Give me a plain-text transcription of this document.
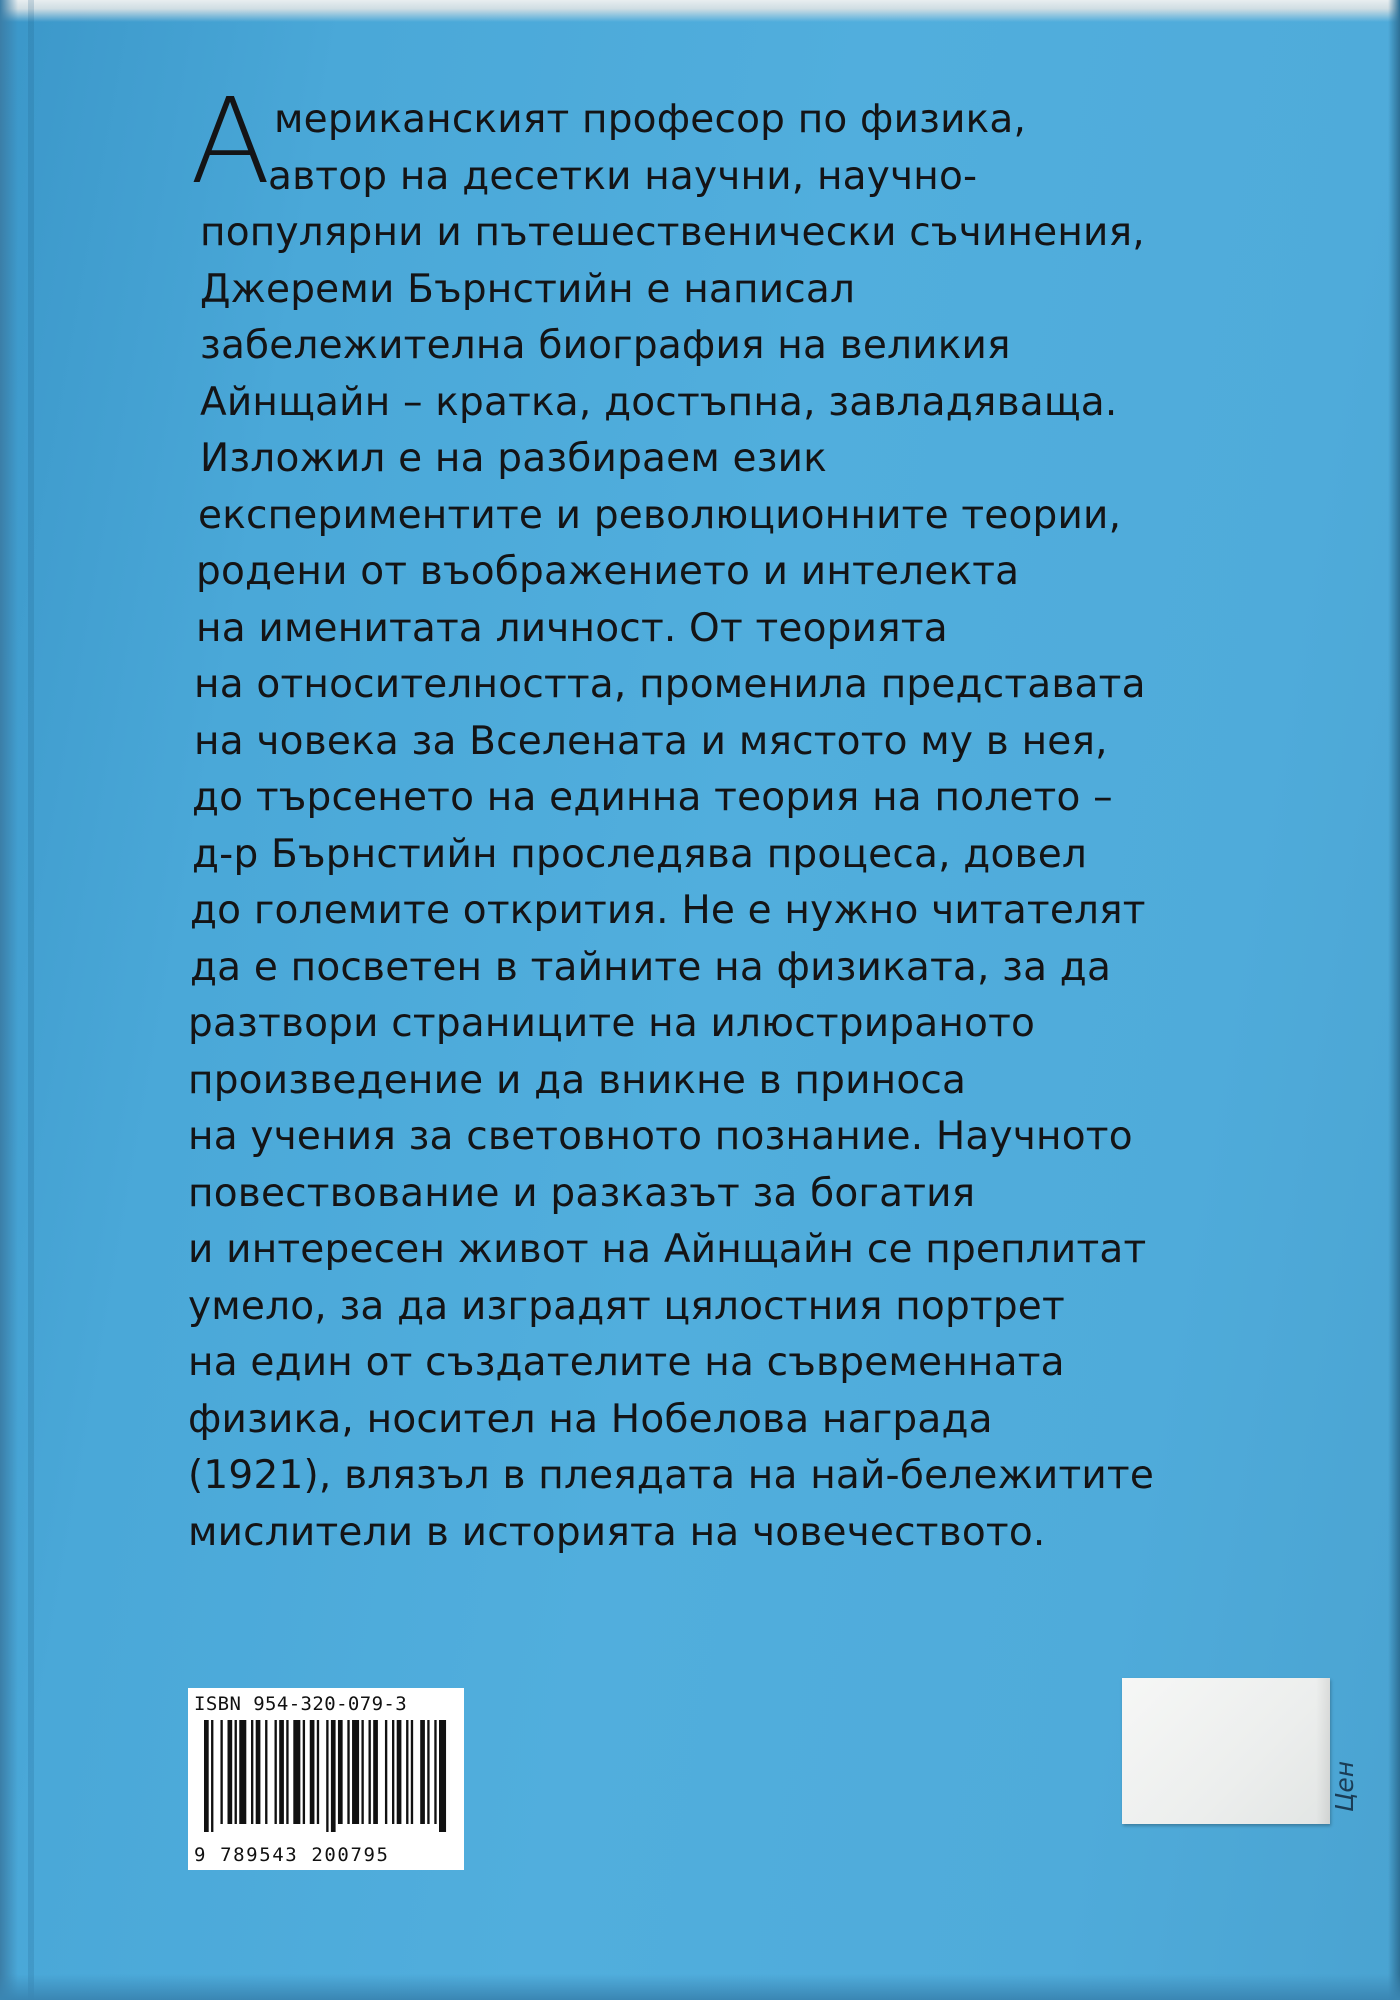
А мериканският професор по физика,
автор на десетки научни, научно-
популярни и пътешественически съчинения,
Джереми Бърнстийн е написал
забележителна биография на великия
Айнщайн – кратка, достъпна, завладяваща.
Изложил е на разбираем език
експериментите и революционните теории,
родени от въображението и интелекта
на именитата личност. От теорията
на относителността, променила представата
на човека за Вселената и мястото му в нея,
до търсенето на единна теория на полето –
д-р Бърнстийн проследява процеса, довел
до големите открития. Не е нужно читателят
да е посветен в тайните на физиката, за да
разтвори страниците на илюстрираното
произведение и да вникне в приноса
на учения за световното познание. Научното
повествование и разказът за богатия
и интересен живот на Айнщайн се преплитат
умело, за да изградят цялостния портрет
на един от създателите на съвременната
физика, носител на Нобелова награда
(1921), влязъл в плеядата на най-бележитите
мислители в историята на човечеството.
ISBN 954-320-079-3
9 789543 200795
Цен
